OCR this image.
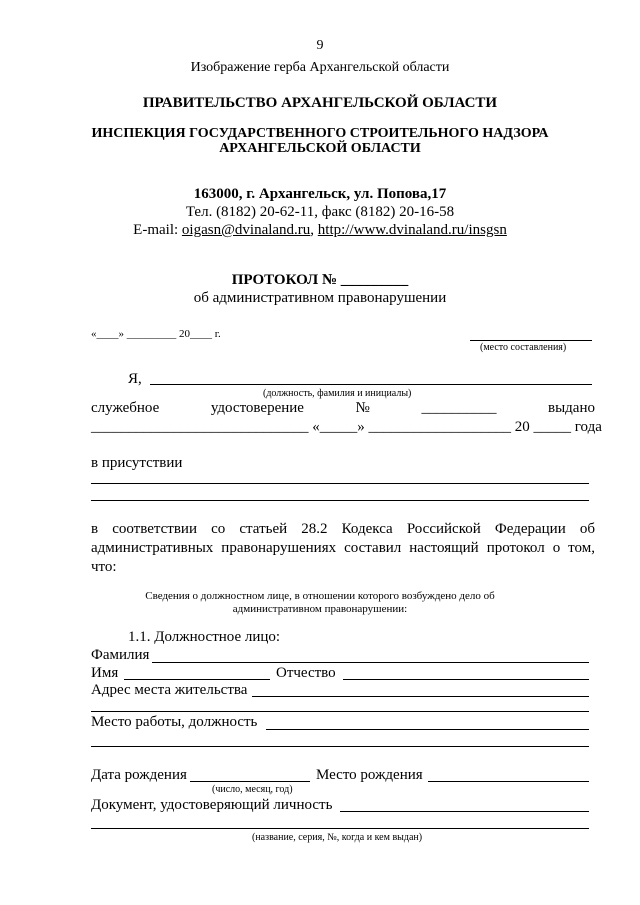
9
Изображение герба Архангельской области
ПРАВИТЕЛЬСТВО АРХАНГЕЛЬСКОЙ ОБЛАСТИ
ИНСПЕКЦИЯ ГОСУДАРСТВЕННОГО СТРОИТЕЛЬНОГО НАДЗОРА
АРХАНГЕЛЬСКОЙ ОБЛАСТИ
163000, г. Архангельск, ул. Попова,17
Тел. (8182) 20-62-11, факс (8182) 20-16-58
E-mail: oigasn@dvinaland.ru, http://www.dvinaland.ru/insgsn
ПРОТОКОЛ № _________
об административном правонарушении
«____» _________ 20____ г.
(место составления)
Я,
(должность, фамилия и инициалы)
служебное	удостоверение	№	__________	выдано
_____________________________ «_____» ___________________ 20 _____ года
в присутствии
в соответствии со статьей 28.2 Кодекса Российской Федерации об административных правонарушениях составил настоящий протокол о том, что:
Сведения о должностном лице, в отношении которого возбуждено дело об
административном правонарушении:
1.1. Должностное лицо:
Фамилия
Имя	Отчество
Адрес места жительства
Место работы, должность
Дата рождения	Место рождения
(число, месяц, год)
Документ, удостоверяющий личность
(название, серия, №, когда и кем выдан)
